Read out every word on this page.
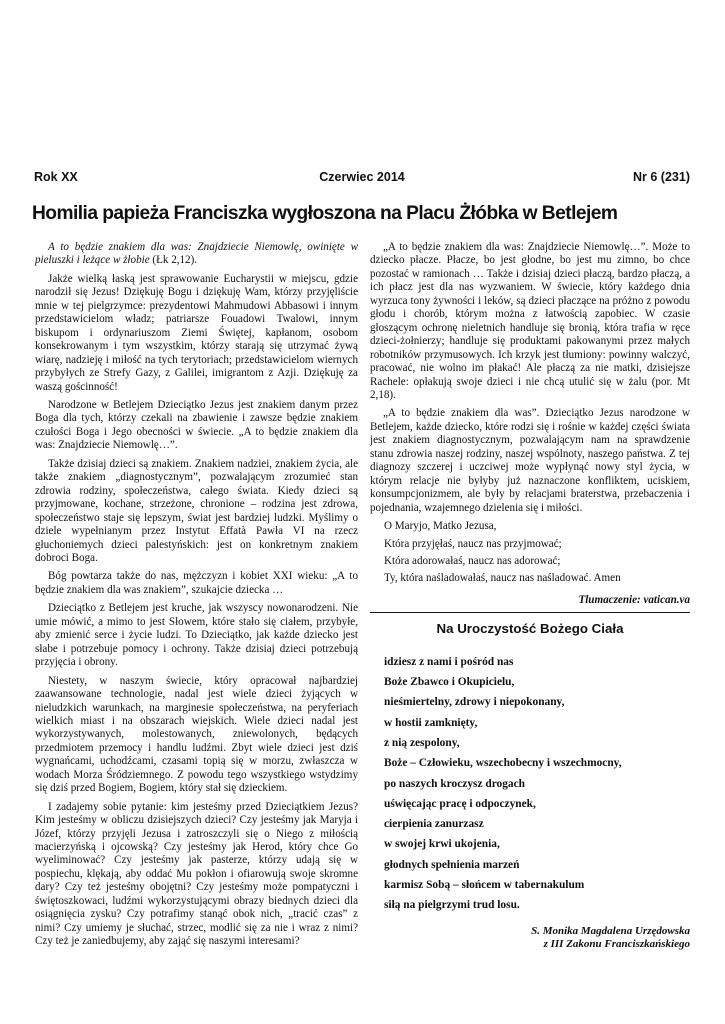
Rok XX	Czerwiec 2014	Nr 6 (231)
Homilia papieża Franciszka wygłoszona na Placu Żłóbka w Betlejem

A to będzie znakiem dla was: Znajdziecie Niemowlę, owinięte w pieluszki i leżące w żłobie (Łk 2,12).

Jakże wielką łaską jest sprawowanie Eucharystii w miejscu, gdzie narodził się Jezus! Dziękuję Bogu i dziękuję Wam, którzy przyjęliście mnie w tej pielgrzymce: prezydentowi Mahmudowi Abbasowi i innym przedstawicielom władz; patriarsze Fouadowi Twalowi, innym biskupom i ordynariuszom Ziemi Świętej, kapłanom, osobom konsekrowanym i tym wszystkim, którzy starają się utrzymać żywą wiarę, nadzieję i miłość na tych terytoriach; przedstawicielom wiernych przybyłych ze Strefy Gazy, z Galilei, imigrantom z Azji. Dziękuję za waszą gościnność!

Narodzone w Betlejem Dzieciątko Jezus jest znakiem danym przez Boga dla tych, którzy czekali na zbawienie i zawsze będzie znakiem czułości Boga i Jego obecności w świecie. „A to będzie znakiem dla was: Znajdziecie Niemowlę…”.

Także dzisiaj dzieci są znakiem. Znakiem nadziei, znakiem życia, ale także znakiem „diagnostycznym”, pozwalającym zrozumieć stan zdrowia rodziny, społeczeństwa, całego świata. Kiedy dzieci są przyjmowane, kochane, strzeżone, chronione – rodzina jest zdrowa, społeczeństwo staje się lepszym, świat jest bardziej ludzki. Myślimy o dziele wypełnianym przez Instytut Effatà Pawła VI na rzecz głuchoniemych dzieci palestyńskich: jest on konkretnym znakiem dobroci Boga.

Bóg powtarza także do nas, mężczyzn i kobiet XXI wieku: „A to będzie znakiem dla was znakiem”, szukajcie dziecka …

Dzieciątko z Betlejem jest kruche, jak wszyscy nowonarodzeni. Nie umie mówić, a mimo to jest Słowem, które stało się ciałem, przybyłe, aby zmienić serce i życie ludzi. To Dzieciątko, jak każde dziecko jest słabe i potrzebuje pomocy i ochrony. Także dzisiaj dzieci potrzebują przyjęcia i obrony.

Niestety, w naszym świecie, który opracował najbardziej zaawansowane technologie, nadal jest wiele dzieci żyjących w nieludzkich warunkach, na marginesie społeczeństwa, na peryferiach wielkich miast i na obszarach wiejskich. Wiele dzieci nadal jest wykorzystywanych, molestowanych, zniewolonych, będących przedmiotem przemocy i handlu ludźmi. Zbyt wiele dzieci jest dziś wygnańcami, uchodźcami, czasami topią się w morzu, zwłaszcza w wodach Morza Śródziemnego. Z powodu tego wszystkiego wstydzimy się dziś przed Bogiem, Bogiem, który stał się dzieckiem.

I zadajemy sobie pytanie: kim jesteśmy przed Dzieciątkiem Jezus? Kim jesteśmy w obliczu dzisiejszych dzieci? Czy jesteśmy jak Maryja i Józef, którzy przyjęli Jezusa i zatroszczyli się o Niego z miłością macierzyńską i ojcowską? Czy jesteśmy jak Herod, który chce Go wyeliminować? Czy jesteśmy jak pasterze, którzy udają się w pospiechu, klękają, aby oddać Mu pokłon i ofiarowują swoje skromne dary? Czy też jesteśmy obojętni? Czy jesteśmy może pompatyczni i świętoszkowaci, ludźmi wykorzystującymi obrazy biednych dzieci dla osiągnięcia zysku? Czy potrafimy stanąć obok nich, „tracić czas” z nimi? Czy umiemy je słuchać, strzec, modlić się za nie i wraz z nimi? Czy też je zaniedbujemy, aby zająć się naszymi interesami?

„A to będzie znakiem dla was: Znajdziecie Niemowlę…”. Może to dziecko płacze. Płacze, bo jest głodne, bo jest mu zimno, bo chce pozostać w ramionach … Także i dzisiaj dzieci płaczą, bardzo płaczą, a ich płacz jest dla nas wyzwaniem. W świecie, który każdego dnia wyrzuca tony żywności i leków, są dzieci płaczące na próżno z powodu głodu i chorób, którym można z łatwością zapobiec. W czasie głoszącym ochronę nieletnich handluje się bronią, która trafia w ręce dzieci-żołnierzy; handluje się produktami pakowanymi przez małych robotników przymusowych. Ich krzyk jest tłumiony: powinny walczyć, pracować, nie wolno im płakać! Ale płaczą za nie matki, dzisiejsze Rachele: opłakują swoje dzieci i nie chcą utulić się w żalu (por. Mt 2,18).

„A to będzie znakiem dla was”. Dzieciątko Jezus narodzone w Betlejem, każde dziecko, które rodzi się i rośnie w każdej części świata jest znakiem diagnostycznym, pozwalającym nam na sprawdzenie stanu zdrowia naszej rodziny, naszej wspólnoty, naszego państwa. Z tej diagnozy szczerej i uczciwej może wypłynąć nowy styl życia, w którym relacje nie byłyby już naznaczone konfliktem, uciskiem, konsumpcjonizmem, ale były by relacjami braterstwa, przebaczenia i pojednania, wzajemnego dzielenia się i miłości.

O Maryjo, Matko Jezusa,

Która przyjęłaś, naucz nas przyjmować;

Która adorowałaś, naucz nas adorować;

Ty, która naśladowałaś, naucz nas naśladować. Amen

Tlumaczenie: vatican.va
Na Uroczystość Bożego Ciała
idziesz z nami i pośród nas
Boże Zbawco i Okupicielu,
nieśmiertelny, zdrowy i niepokonany,
w hostii zamknięty,
z nią zespolony,
Boże – Człowieku, wszechobecny i wszechmocny,
po naszych kroczysz drogach
uświęcając pracę i odpoczynek,
cierpienia zanurzasz
w swojej krwi ukojenia,
głodnych spełnienia marzeń
karmisz Sobą – słońcem w tabernakulum
siłą na pielgrzymi trud losu.
S. Monika Magdalena Urzędowska
z III Zakonu Franciszkańskiego
